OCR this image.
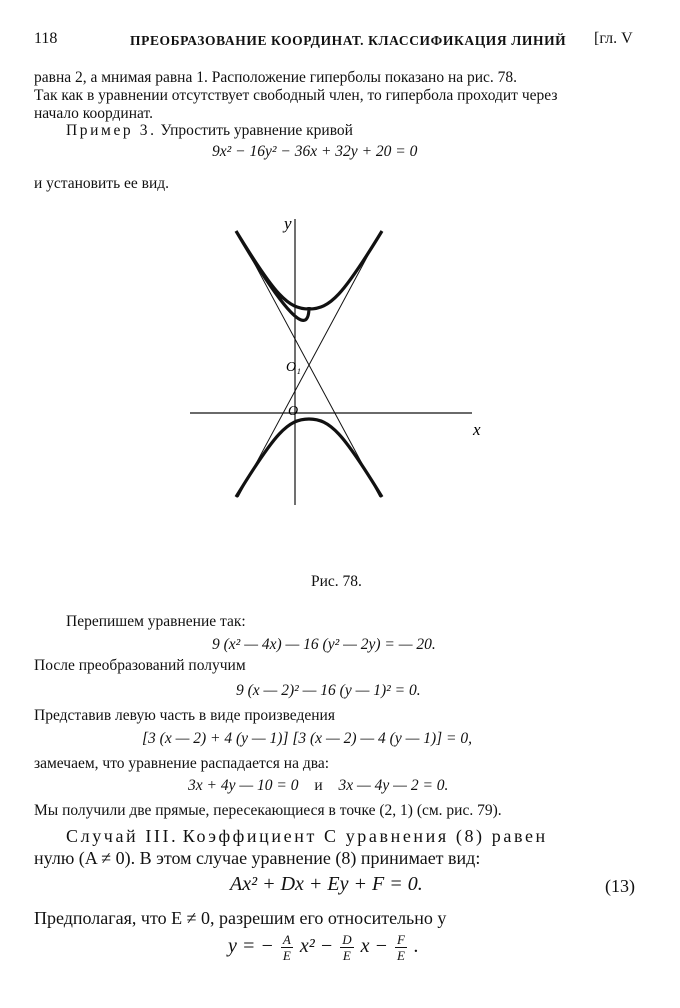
118	ПРЕОБРАЗОВАНИЕ КООРДИНАТ. КЛАССИФИКАЦИЯ ЛИНИЙ [гл. V
равна 2, а мнимая равна 1. Расположение гиперболы показано на рис. 78.
Так как в уравнении отсутствует свободный член, то гипербола проходит через
начало координат.
Пример 3. Упростить уравнение кривой
9x² − 16y² − 36x + 32y + 20 = 0
и установить ее вид.
y
x
O₁
O
Рис. 78.
Перепишем уравнение так:
9 (x² — 4x) — 16 (y² — 2y) = — 20.
После преобразований получим
9 (x — 2)² — 16 (y — 1)² = 0.
Представив левую часть в виде произведения
[3 (x — 2) + 4 (y — 1)] [3 (x — 2) — 4 (y — 1)] = 0,
замечаем, что уравнение распадается на два:
3x + 4y — 10 = 0 и 3x — 4y — 2 = 0.
Мы получили две прямые, пересекающиеся в точке (2, 1) (см. рис. 79).
Случай III. Коэффициент C уравнения (8) равен
нулю (A ≠ 0). В этом случае уравнение (8) принимает вид:
Ax² + Dx + Ey + F = 0.	(13)
Предполагая, что E ≠ 0, разрешим его относительно y
y = − $\frac{A}{E} x^2 - \frac{D}{E}$ $x - \frac{F}{E}$ .
